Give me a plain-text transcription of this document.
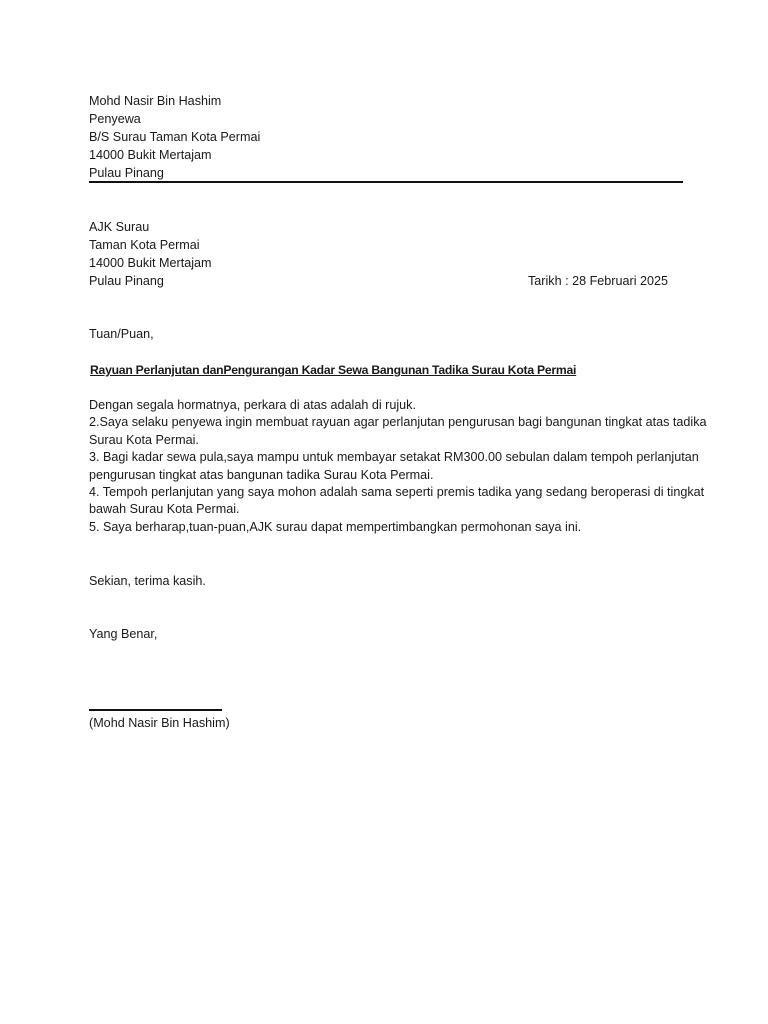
Mohd Nasir Bin Hashim
Penyewa
B/S Surau Taman Kota Permai
14000 Bukit Mertajam
Pulau Pinang
AJK Surau
Taman Kota Permai
14000 Bukit Mertajam
Pulau Pinang	Tarikh : 28 Februari 2025
Tuan/Puan,
Rayuan Perlanjutan danPengurangan Kadar Sewa Bangunan Tadika Surau Kota Permai
Dengan segala hormatnya, perkara di atas adalah di rujuk.
2.Saya selaku penyewa ingin membuat rayuan agar perlanjutan pengurusan bagi bangunan tingkat atas tadika
Surau Kota Permai.
3. Bagi kadar sewa pula,saya mampu untuk membayar setakat RM300.00 sebulan dalam tempoh perlanjutan
pengurusan tingkat atas bangunan tadika Surau Kota Permai.
4. Tempoh perlanjutan yang saya mohon adalah sama seperti premis tadika yang sedang beroperasi di tingkat
bawah Surau Kota Permai.
5. Saya berharap,tuan-puan,AJK surau dapat mempertimbangkan permohonan saya ini.
Sekian, terima kasih.
Yang Benar,
(Mohd Nasir Bin Hashim)
